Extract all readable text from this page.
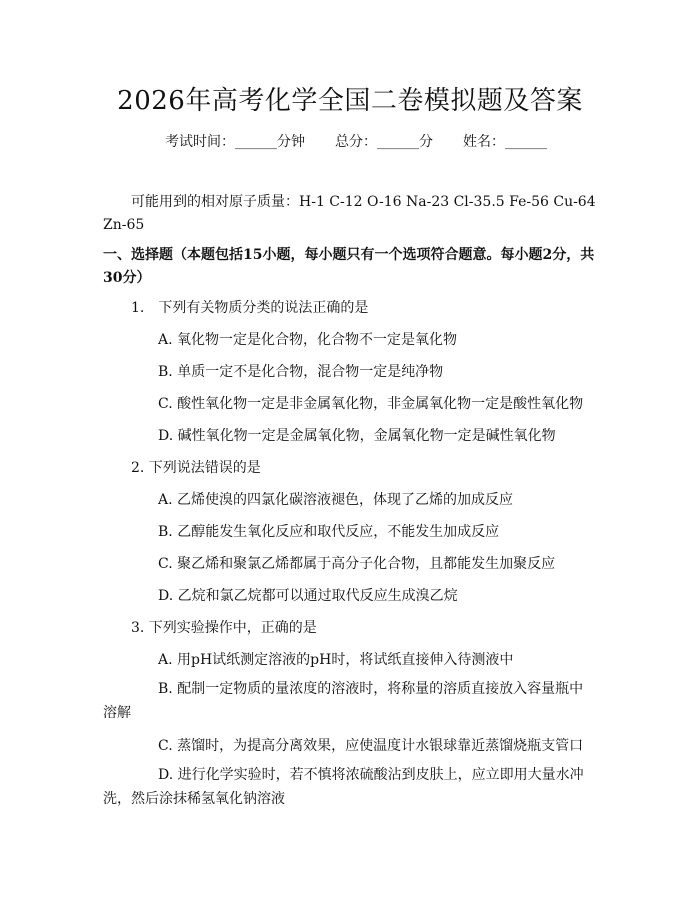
2026年高考化学全国二卷模拟题及答案
考试时间：______分钟 总分：______分 姓名：______
可能用到的相对原子质量：H-1 C-12 O-16 Na-23 Cl-35.5 Fe-56 Cu-64 Zn-65
一、选择题（本题包括15小题，每小题只有一个选项符合题意。每小题2分，共30分）
1.　下列有关物质分类的说法正确的是
A. 氧化物一定是化合物，化合物不一定是氧化物
B. 单质一定不是化合物，混合物一定是纯净物
C. 酸性氧化物一定是非金属氧化物，非金属氧化物一定是酸性氧化物
D. 碱性氧化物一定是金属氧化物，金属氧化物一定是碱性氧化物
2. 下列说法错误的是
A. 乙烯使溴的四氯化碳溶液褪色，体现了乙烯的加成反应
B. 乙醇能发生氧化反应和取代反应，不能发生加成反应
C. 聚乙烯和聚氯乙烯都属于高分子化合物，且都能发生加聚反应
D. 乙烷和氯乙烷都可以通过取代反应生成溴乙烷
3. 下列实验操作中，正确的是
A. 用pH试纸测定溶液的pH时，将试纸直接伸入待测液中
B. 配制一定物质的量浓度的溶液时，将称量的溶质直接放入容量瓶中溶解
C. 蒸馏时，为提高分离效果，应使温度计水银球靠近蒸馏烧瓶支管口
D. 进行化学实验时，若不慎将浓硫酸沾到皮肤上，应立即用大量水冲洗，然后涂抹稀氢氧化钠溶液
